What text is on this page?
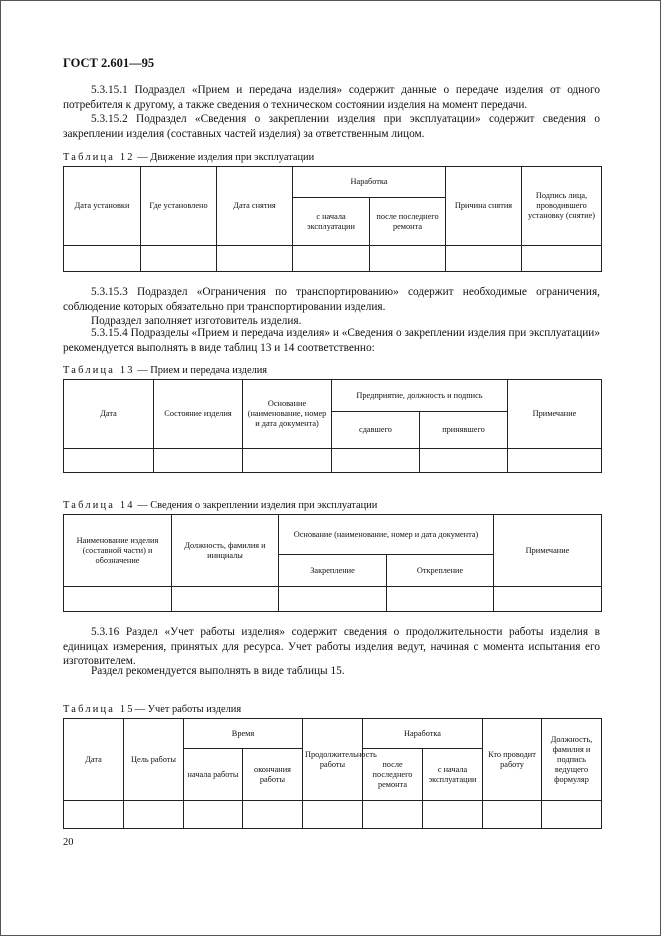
ГОСТ 2.601—95
5.3.15.1 Подраздел «Прием и передача изделия» содержит данные о передаче изделия от одного потребителя к другому, а также сведения о техническом состоянии изделия на момент передачи.
5.3.15.2 Подраздел «Сведения о закреплении изделия при эксплуатации» содержит сведения о закреплении изделия (составных частей изделия) за ответственным лицом.
Таблица 12 — Движение изделия при эксплуатации
Дата установки	Где установлено	Дата снятия	Наработка		Причина снятия	Подпись лица, проводившего установку (снятие)
			с начала эксплуатации	после последнего ремонта		

5.3.15.3 Подраздел «Ограничения по транспортированию» содержит необходимые ограничения, соблюдение которых обязательно при транспортировании изделия.
Подраздел заполняет изготовитель изделия.
5.3.15.4 Подразделы «Прием и передача изделия» и «Сведения о закреплении изделия при эксплуатации» рекомендуется выполнять в виде таблиц 13 и 14 соответственно:
Таблица 13 — Прием и передача изделия
Дата	Состояние изделия	Основание (наименование, номер и дата документа)	Предприятие, должность и подпись		Примечание
			сдавшего	принявшего	

Таблица 14 — Сведения о закреплении изделия при эксплуатации
Наименование изделия (составной части) и обозначение	Должность, фамилия и инициалы	Основание (наименование, номер и дата документа)		Примечание
		Закрепление	Открепление	

5.3.16 Раздел «Учет работы изделия» содержит сведения о продолжительности работы изделия в единицах измерения, принятых для ресурса. Учет работы изделия ведут, начиная с момента испытания его изготовителем.
Раздел рекомендуется выполнять в виде таблицы 15.
Таблица 15— Учет работы изделия
Дата	Цель работы	Время		Продолжительность работы	Наработка		Кто проводит работу	Должность, фамилия и подпись ведущего формуляр
		начала работы	окончания работы		после последнего ремонта	с начала эксплуатации		

20
